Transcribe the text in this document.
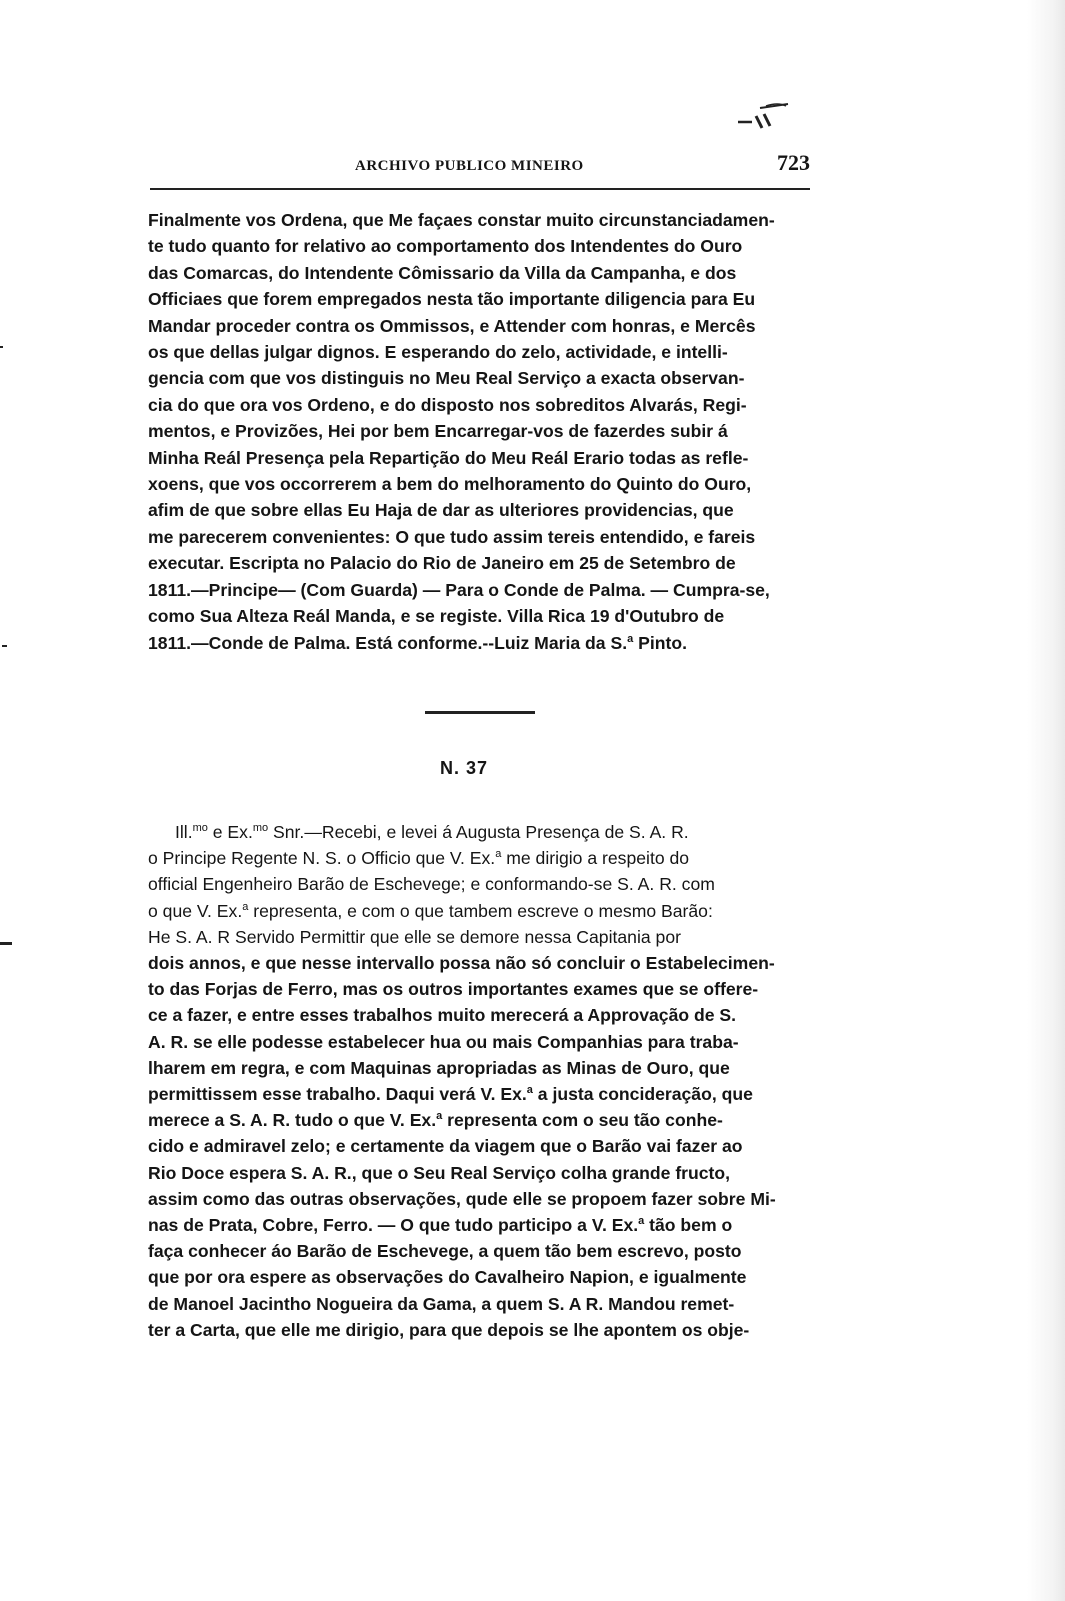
ARCHIVO PUBLICO MINEIRO	723
Finalmente vos Ordena, que Me façaes constar muito circunstanciadamen-
te tudo quanto for relativo ao comportamento dos Intendentes do Ouro
das Comarcas, do Intendente Cômissario da Villa da Campanha, e dos
Officiaes que forem empregados nesta tão importante diligencia para Eu
Mandar proceder contra os Ommissos, e Attender com honras, e Mercês
os que dellas julgar dignos. E esperando do zelo, actividade, e intelli-
gencia com que vos distinguis no Meu Real Serviço a exacta observan-
cia do que ora vos Ordeno, e do disposto nos sobreditos Alvarás, Regi-
mentos, e Provizões, Hei por bem Encarregar-vos de fazerdes subir á
Minha Reál Presença pela Repartição do Meu Reál Erario todas as refle-
xoens, que vos occorrerem a bem do melhoramento do Quinto do Ouro,
afim de que sobre ellas Eu Haja de dar as ulteriores providencias, que
me parecerem convenientes: O que tudo assim tereis entendido, e fareis
executar. Escripta no Palacio do Rio de Janeiro em 25 de Setembro de
1811.—Principe— (Com Guarda) — Para o Conde de Palma. — Cumpra-se,
como Sua Alteza Reál Manda, e se registe. Villa Rica 19 d'Outubro de
1811.—Conde de Palma. Está conforme.--Luiz Maria da S.$^a$ Pinto.
N. 37
Ill.$^{mo}$ e Ex.$^{mo}$ Snr.—Recebi, e levei á Augusta Presença de S. A. R.
o Principe Regente N. S. o Officio que V. Ex.$^a$ me dirigio a respeito do
official Engenheiro Barão de Eschevege; e conformando-se S. A. R. com
o que V. Ex.$^a$ representa, e com o que tambem escreve o mesmo Barão:
He S. A. R Servido Permittir que elle se demore nessa Capitania por
dois annos, e que nesse intervallo possa não só concluir o Estabelecimen-
to das Forjas de Ferro, mas os outros importantes exames que se offere-
ce a fazer, e entre esses trabalhos muito merecerá a Approvação de S.
A. R. se elle podesse estabelecer hua ou mais Companhias para traba-
lharem em regra, e com Maquinas apropriadas as Minas de Ouro, que
permittissem esse trabalho. Daqui verá V. Ex.$^a$ a justa concideração, que
merece a S. A. R. tudo o que V. Ex.$^a$ representa com o seu tão conhe-
cido e admiravel zelo; e certamente da viagem que o Barão vai fazer ao
Rio Doce espera S. A. R., que o Seu Real Serviço colha grande fructo,
assim como das outras observações, qude elle se propoem fazer sobre Mi-
nas de Prata, Cobre, Ferro. — O que tudo participo a V. Ex.$^a$ tão bem o
faça conhecer áo Barão de Eschevege, a quem tão bem escrevo, posto
que por ora espere as observações do Cavalheiro Napion, e igualmente
de Manoel Jacintho Nogueira da Gama, a quem S. A R. Mandou remet-
ter a Carta, que elle me dirigio, para que depois se lhe apontem os obje-
